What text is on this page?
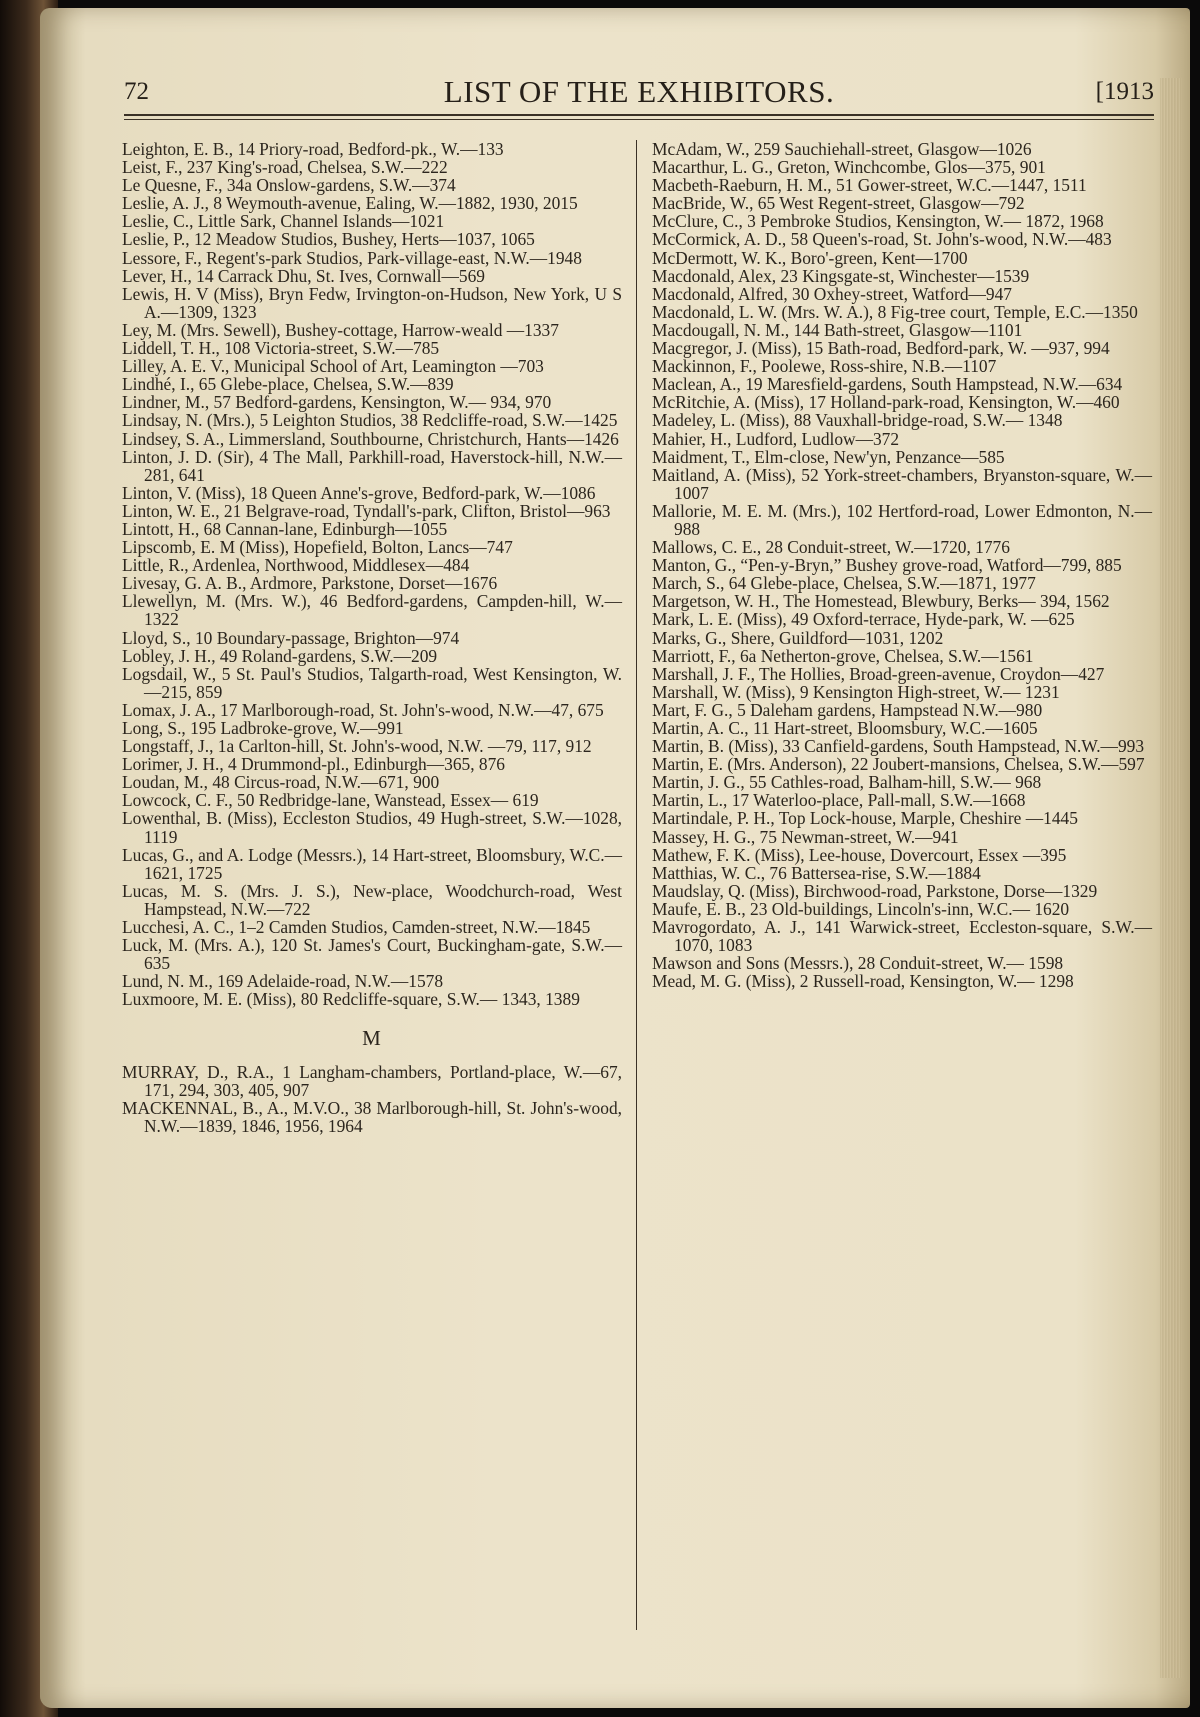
72	LIST OF THE EXHIBITORS.	[1913

Leighton, E. B., 14 Priory-road, Bedford-pk., W.—133

Leist, F., 237 King's-road, Chelsea, S.W.—222

Le Quesne, F., 34a Onslow-gardens, S.W.—374

Leslie, A. J., 8 Weymouth-avenue, Ealing, W.—1882, 1930, 2015

Leslie, C., Little Sark, Channel Islands—1021

Leslie, P., 12 Meadow Studios, Bushey, Herts—1037, 1065

Lessore, F., Regent's-park Studios, Park-village-east, N.W.—1948

Lever, H., 14 Carrack Dhu, St. Ives, Cornwall—569

Lewis, H. V (Miss), Bryn Fedw, Irvington-on-Hudson, New York, U S A.—1309, 1323

Ley, M. (Mrs. Sewell), Bushey-cottage, Harrow-weald —1337

Liddell, T. H., 108 Victoria-street, S.W.—785

Lilley, A. E. V., Municipal School of Art, Leamington —703

Lindhé, I., 65 Glebe-place, Chelsea, S.W.—839

Lindner, M., 57 Bedford-gardens, Kensington, W.— 934, 970

Lindsay, N. (Mrs.), 5 Leighton Studios, 38 Redcliffe-road, S.W.—1425

Lindsey, S. A., Limmersland, Southbourne, Christchurch, Hants—1426

Linton, J. D. (Sir), 4 The Mall, Parkhill-road, Haverstock-hill, N.W.—281, 641

Linton, V. (Miss), 18 Queen Anne's-grove, Bedford-park, W.—1086

Linton, W. E., 21 Belgrave-road, Tyndall's-park, Clifton, Bristol—963

Lintott, H., 68 Cannan-lane, Edinburgh—1055

Lipscomb, E. M (Miss), Hopefield, Bolton, Lancs—747

Little, R., Ardenlea, Northwood, Middlesex—484

Livesay, G. A. B., Ardmore, Parkstone, Dorset—1676

Llewellyn, M. (Mrs. W.), 46 Bedford-gardens, Campden-hill, W.—1322

Lloyd, S., 10 Boundary-passage, Brighton—974

Lobley, J. H., 49 Roland-gardens, S.W.—209

Logsdail, W., 5 St. Paul's Studios, Talgarth-road, West Kensington, W.—215, 859

Lomax, J. A., 17 Marlborough-road, St. John's-wood, N.W.—47, 675

Long, S., 195 Ladbroke-grove, W.—991

Longstaff, J., 1a Carlton-hill, St. John's-wood, N.W. —79, 117, 912

Lorimer, J. H., 4 Drummond-pl., Edinburgh—365, 876

Loudan, M., 48 Circus-road, N.W.—671, 900

Lowcock, C. F., 50 Redbridge-lane, Wanstead, Essex— 619

Lowenthal, B. (Miss), Eccleston Studios, 49 Hugh-street, S.W.—1028, 1119

Lucas, G., and A. Lodge (Messrs.), 14 Hart-street, Bloomsbury, W.C.—1621, 1725

Lucas, M. S. (Mrs. J. S.), New-place, Woodchurch-road, West Hampstead, N.W.—722

Lucchesi, A. C., 1–2 Camden Studios, Camden-street, N.W.—1845

Luck, M. (Mrs. A.), 120 St. James's Court, Buckingham-gate, S.W.—635

Lund, N. M., 169 Adelaide-road, N.W.—1578

Luxmoore, M. E. (Miss), 80 Redcliffe-square, S.W.— 1343, 1389

M

MURRAY, D., R.A., 1 Langham-chambers, Portland-place, W.—67, 171, 294, 303, 405, 907

MACKENNAL, B., A., M.V.O., 38 Marlborough-hill, St. John's-wood, N.W.—1839, 1846, 1956, 1964

McAdam, W., 259 Sauchiehall-street, Glasgow—1026

Macarthur, L. G., Greton, Winchcombe, Glos—375, 901

Macbeth-Raeburn, H. M., 51 Gower-street, W.C.—1447, 1511

MacBride, W., 65 West Regent-street, Glasgow—792

McClure, C., 3 Pembroke Studios, Kensington, W.— 1872, 1968

McCormick, A. D., 58 Queen's-road, St. John's-wood, N.W.—483

McDermott, W. K., Boro'-green, Kent—1700

Macdonald, Alex, 23 Kingsgate-st, Winchester—1539

Macdonald, Alfred, 30 Oxhey-street, Watford—947

Macdonald, L. W. (Mrs. W. A.), 8 Fig-tree court, Temple, E.C.—1350

Macdougall, N. M., 144 Bath-street, Glasgow—1101

Macgregor, J. (Miss), 15 Bath-road, Bedford-park, W. —937, 994

Mackinnon, F., Poolewe, Ross-shire, N.B.—1107

Maclean, A., 19 Maresfield-gardens, South Hampstead, N.W.—634

McRitchie, A. (Miss), 17 Holland-park-road, Kensington, W.—460

Madeley, L. (Miss), 88 Vauxhall-bridge-road, S.W.— 1348

Mahier, H., Ludford, Ludlow—372

Maidment, T., Elm-close, New'yn, Penzance—585

Maitland, A. (Miss), 52 York-street-chambers, Bryanston-square, W.—1007

Mallorie, M. E. M. (Mrs.), 102 Hertford-road, Lower Edmonton, N.—988

Mallows, C. E., 28 Conduit-street, W.—1720, 1776

Manton, G., “Pen-y-Bryn,” Bushey grove-road, Watford—799, 885

March, S., 64 Glebe-place, Chelsea, S.W.—1871, 1977

Margetson, W. H., The Homestead, Blewbury, Berks— 394, 1562

Mark, L. E. (Miss), 49 Oxford-terrace, Hyde-park, W. —625

Marks, G., Shere, Guildford—1031, 1202

Marriott, F., 6a Netherton-grove, Chelsea, S.W.—1561

Marshall, J. F., The Hollies, Broad-green-avenue, Croydon—427

Marshall, W. (Miss), 9 Kensington High-street, W.— 1231

Mart, F. G., 5 Daleham gardens, Hampstead N.W.—980

Martin, A. C., 11 Hart-street, Bloomsbury, W.C.—1605

Martin, B. (Miss), 33 Canfield-gardens, South Hampstead, N.W.—993

Martin, E. (Mrs. Anderson), 22 Joubert-mansions, Chelsea, S.W.—597

Martin, J. G., 55 Cathles-road, Balham-hill, S.W.— 968

Martin, L., 17 Waterloo-place, Pall-mall, S.W.—1668

Martindale, P. H., Top Lock-house, Marple, Cheshire —1445

Massey, H. G., 75 Newman-street, W.—941

Mathew, F. K. (Miss), Lee-house, Dovercourt, Essex —395

Matthias, W. C., 76 Battersea-rise, S.W.—1884

Maudslay, Q. (Miss), Birchwood-road, Parkstone, Dorse—1329

Maufe, E. B., 23 Old-buildings, Lincoln's-inn, W.C.— 1620

Mavrogordato, A. J., 141 Warwick-street, Eccleston-square, S.W.—1070, 1083

Mawson and Sons (Messrs.), 28 Conduit-street, W.— 1598

Mead, M. G. (Miss), 2 Russell-road, Kensington, W.— 1298
